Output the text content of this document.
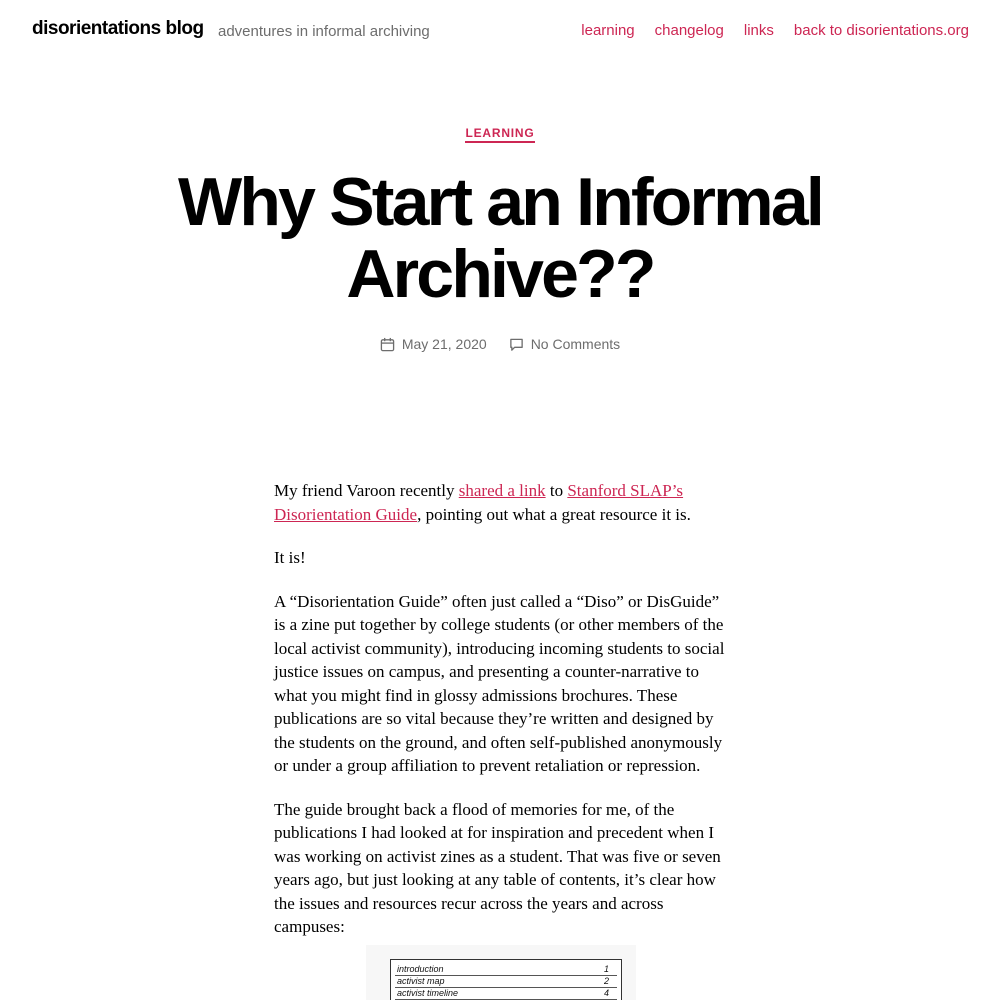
disorientations blog adventures in informal archiving	learning changelog links back to disorientations.org
LEARNING
Why Start an Informal Archive??
May 21, 2020	No Comments

My friend Varoon recently shared a link to Stanford SLAP’s Disorientation Guide, pointing out what a great resource it is.

It is!

A “Disorientation Guide” often just called a “Diso” or DisGuide” is a zine put together by college students (or other members of the local activist community), introducing incoming students to social justice issues on campus, and presenting a counter-narrative to what you might find in glossy admissions brochures. These publications are so vital because they’re written and designed by the students on the ground, and often self-published anonymously or under a group affiliation to prevent retaliation or repression.

The guide brought back a flood of memories for me, of the publications I had looked at for inspiration and precedent when I was working on activist zines as a student. That was five or seven years ago, but just looking at any table of contents, it’s clear how the issues and resources recur across the years and across campuses:

introduction	1
activist map	2
activist timeline	4
